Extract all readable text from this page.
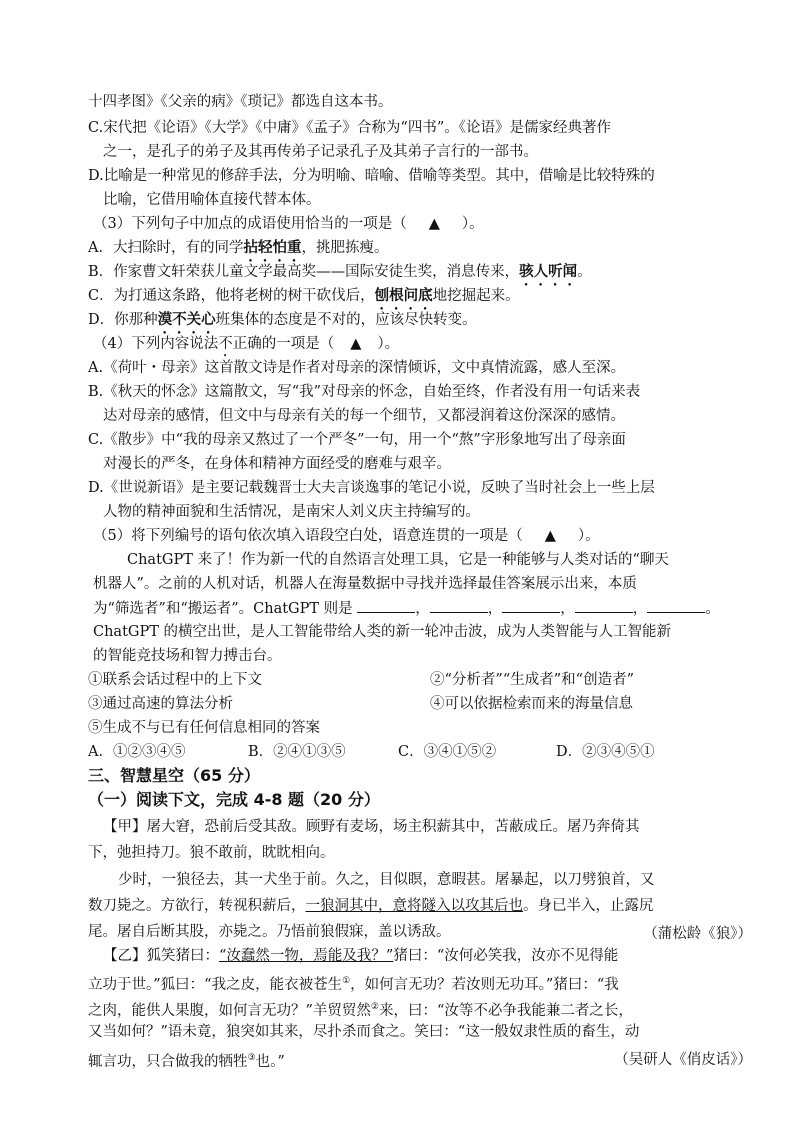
十四孝图》《父亲的病》《琐记》都选自这本书。
C.宋代把《论语》《大学》《中庸》《孟子》合称为“四书”。《论语》是儒家经典著作
之一，是孔子的弟子及其再传弟子记录孔子及其弟子言行的一部书。
D.比喻是一种常见的修辞手法，分为明喻、暗喻、借喻等类型。其中，借喻是比较特殊的
比喻，它借用喻体直接代替本体。
（3）下列句子中加点的成语使用恰当的一项是（ ▲ ）。
A．大扫除时，有的同学拈轻怕重，挑肥拣瘦。
B．作家曹文轩荣获儿童文学最高奖——国际安徒生奖，消息传来，骇人听闻。
C．为打通这条路，他将老树的树干砍伐后，刨根问底地挖掘起来。
D．你那种漠不关心班集体的态度是不对的，应该尽快转变。
（4）下列内容说法不正确的一项是（ ▲ ）。
A.《荷叶・母亲》这首散文诗是作者对母亲的深情倾诉，文中真情流露，感人至深。
B.《秋天的怀念》这篇散文，写“我”对母亲的怀念，自始至终，作者没有用一句话来表
达对母亲的感情，但文中与母亲有关的每一个细节，又都浸润着这份深深的感情。
C.《散步》中“我的母亲又熬过了一个严冬”一句，用一个“熬”字形象地写出了母亲面
对漫长的严冬，在身体和精神方面经受的磨难与艰辛。
D.《世说新语》是主要记载魏晋士大夫言谈逸事的笔记小说，反映了当时社会上一些上层
人物的精神面貌和生活情况，是南宋人刘义庆主持编写的。
（5）将下列编号的语句依次填入语段空白处，语意连贯的一项是（ ▲ ）。
ChatGPT 来了！作为新一代的自然语言处理工具，它是一种能够与人类对话的“聊天
机器人”。之前的人机对话，机器人在海量数据中寻找并选择最佳答案展示出来，本质
为“筛选者”和“搬运者”。ChatGPT 则是	，	，	，	，	。
ChatGPT 的横空出世，是人工智能带给人类的新一轮冲击波，成为人类智能与人工智能新
的智能竞技场和智力搏击台。
①联系会话过程中的上下文	②“分析者”“生成者”和“创造者”
③通过高速的算法分析	④可以依据检索而来的海量信息
⑤生成不与已有任何信息相同的答案
A．①②③④⑤	B．②④①③⑤	C．③④①⑤②	D．②③④⑤①
三、智慧星空（65 分）
（一）阅读下文，完成 4-8 题（20 分）
【甲】屠大窘，恐前后受其敌。顾野有麦场，场主积薪其中，苫蔽成丘。屠乃奔倚其
下，弛担持刀。狼不敢前，眈眈相向。
少时，一狼径去，其一犬坐于前。久之，目似瞑，意暇甚。屠暴起，以刀劈狼首，又
数刀毙之。方欲行，转视积薪后，一狼洞其中，意将隧入以攻其后也。身已半入，止露尻
尾。屠自后断其股，亦毙之。乃悟前狼假寐，盖以诱敌。	（蒲松龄《狼》）
【乙】狐笑猪曰：“汝蠢然一物，焉能及我？”猪曰：“汝何必笑我，汝亦不见得能
立功于世。”狐曰：“我之皮，能衣被苍生①，如何言无功？若汝则无功耳。”猪曰：“我
之肉，能供人果腹，如何言无功？”羊贸贸然②来，曰：“汝等不必争我能兼二者之长，
又当如何？”语未竟，狼突如其来，尽扑杀而食之。笑曰：“这一般奴隶性质的畜生，动
辄言功，只合做我的牺牲③也。”	（吴研人《俏皮话》）
